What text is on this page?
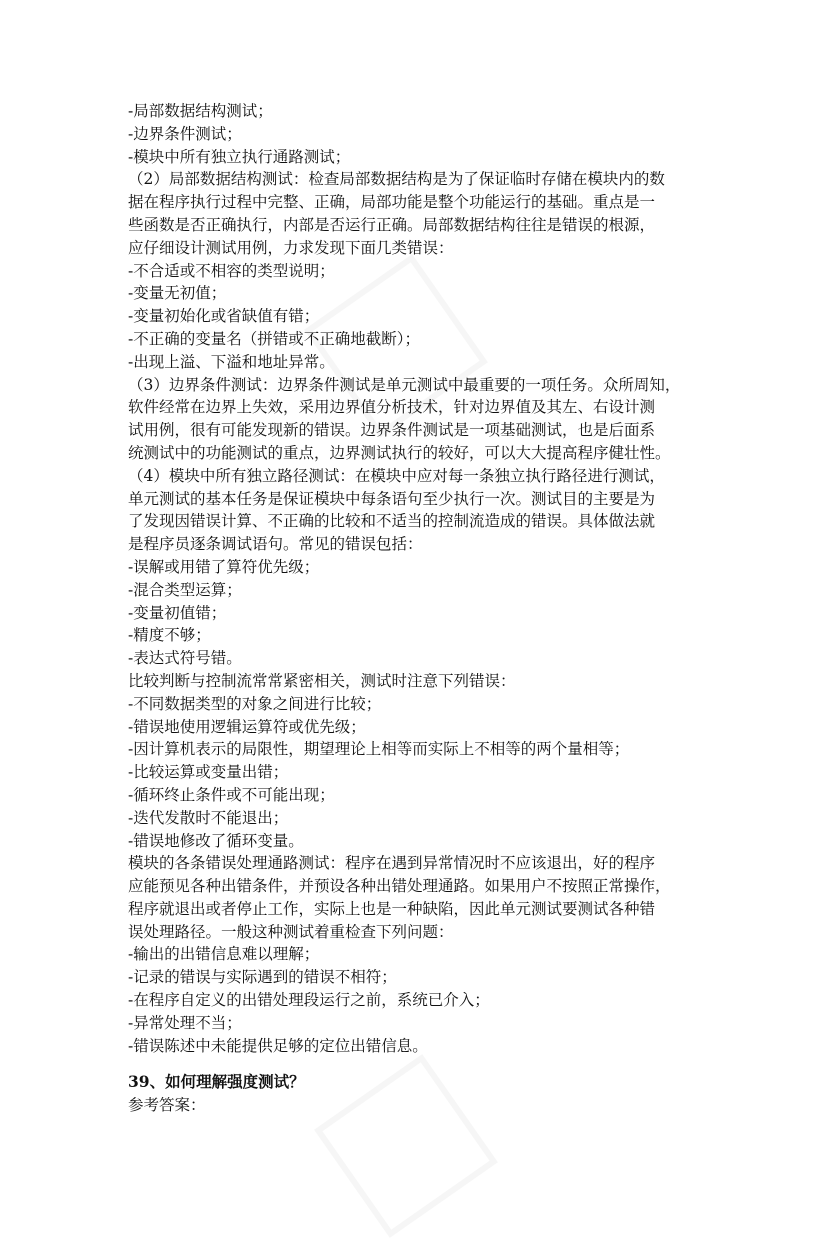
-局部数据结构测试；
-边界条件测试；
-模块中所有独立执行通路测试；
（2）局部数据结构测试：检查局部数据结构是为了保证临时存储在模块内的数
据在程序执行过程中完整、正确，局部功能是整个功能运行的基础。重点是一
些函数是否正确执行，内部是否运行正确。局部数据结构往往是错误的根源，
应仔细设计测试用例，力求发现下面几类错误：
-不合适或不相容的类型说明；
-变量无初值；
-变量初始化或省缺值有错；
-不正确的变量名（拼错或不正确地截断）；
-出现上溢、下溢和地址异常。
（3）边界条件测试：边界条件测试是单元测试中最重要的一项任务。众所周知，
软件经常在边界上失效，采用边界值分析技术，针对边界值及其左、右设计测
试用例，很有可能发现新的错误。边界条件测试是一项基础测试，也是后面系
统测试中的功能测试的重点，边界测试执行的较好，可以大大提高程序健壮性。
（4）模块中所有独立路径测试：在模块中应对每一条独立执行路径进行测试，
单元测试的基本任务是保证模块中每条语句至少执行一次。测试目的主要是为
了发现因错误计算、不正确的比较和不适当的控制流造成的错误。具体做法就
是程序员逐条调试语句。常见的错误包括：
-误解或用错了算符优先级；
-混合类型运算；
-变量初值错；
-精度不够；
-表达式符号错。
比较判断与控制流常常紧密相关，测试时注意下列错误：
-不同数据类型的对象之间进行比较；
-错误地使用逻辑运算符或优先级；
-因计算机表示的局限性，期望理论上相等而实际上不相等的两个量相等；
-比较运算或变量出错；
-循环终止条件或不可能出现；
-迭代发散时不能退出；
-错误地修改了循环变量。
模块的各条错误处理通路测试：程序在遇到异常情况时不应该退出，好的程序
应能预见各种出错条件，并预设各种出错处理通路。如果用户不按照正常操作，
程序就退出或者停止工作，实际上也是一种缺陷，因此单元测试要测试各种错
误处理路径。一般这种测试着重检查下列问题：
-输出的出错信息难以理解；
-记录的错误与实际遇到的错误不相符；
-在程序自定义的出错处理段运行之前，系统已介入；
-异常处理不当；
-错误陈述中未能提供足够的定位出错信息。
39、如何理解强度测试？
参考答案：
